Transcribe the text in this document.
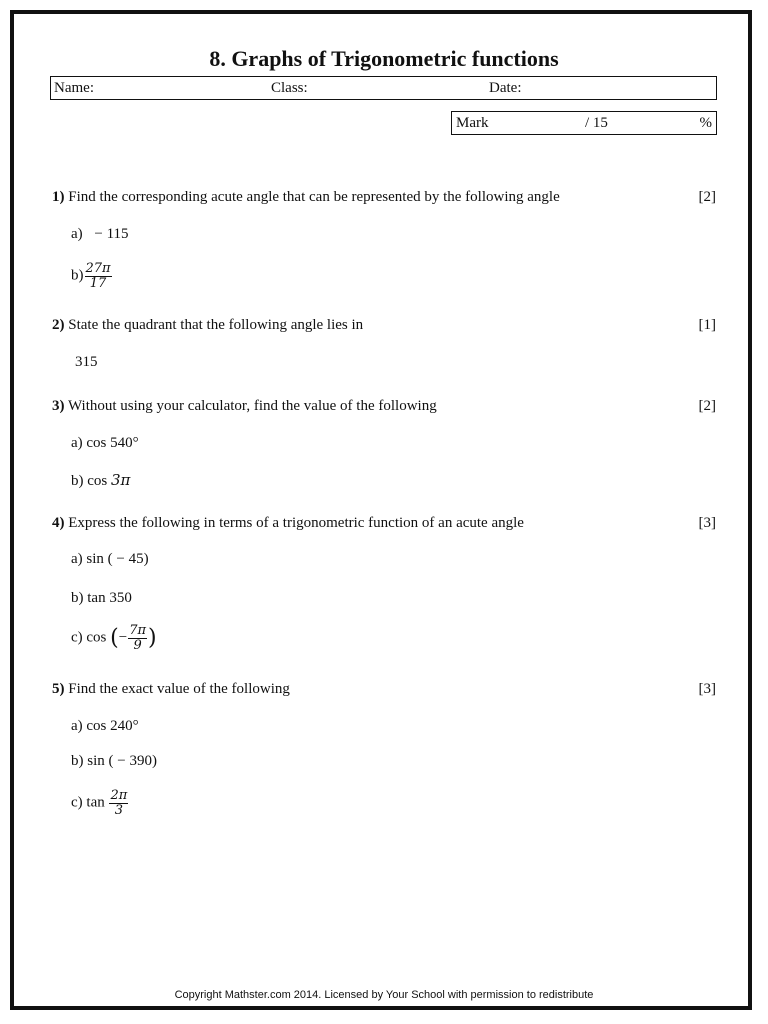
8. Graphs of Trigonometric functions
Name:	Class:	Date:
Mark	/ 15	%
1) Find the corresponding acute angle that can be represented by the following angle	[2]
a) − 115
$b) \frac{27\pi}{17}$
2) State the quadrant that the following angle lies in	[1]
315
3) Without using your calculator, find the value of the following	[2]
a) cos 540°
b) cos 3π
4) Express the following in terms of a trigonometric function of an acute angle	[3]
a) sin ( − 45)
b) tan 350
c) cos (− $\frac{7\pi}{9}$ )
5) Find the exact value of the following	[3]
a) cos 240°
b) sin ( − 390)
c) $\tan \frac{2\pi}{3}$
Copyright Mathster.com 2014. Licensed by Your School with permission to redistribute
